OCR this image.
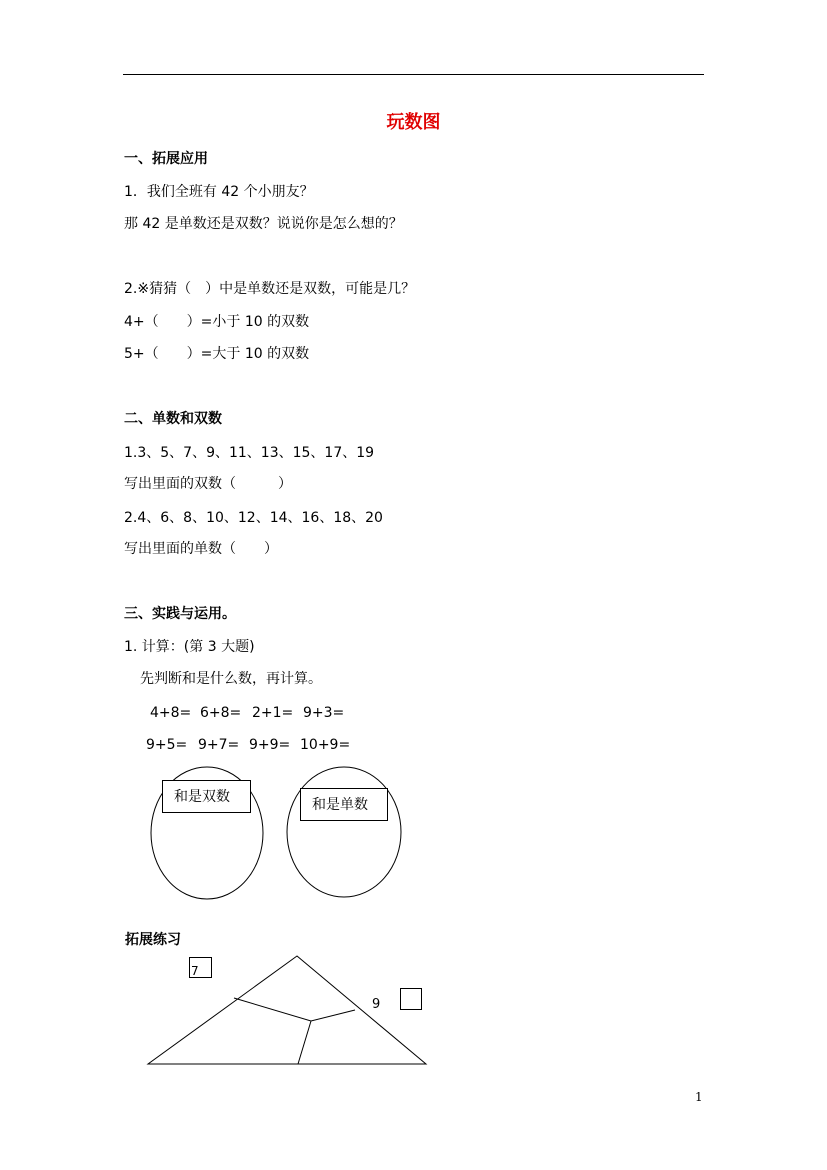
玩数图
一、拓展应用
1．我们全班有 42 个小朋友？
那 42 是单数还是双数？说说你是怎么想的？
2.※猜猜（　）中是单数还是双数，可能是几？
4+（　　）=小于 10 的双数
5+（　　）=大于 10 的双数
二、单数和双数
1.3、5、7、9、11、13、15、17、19
写出里面的双数（　　　）
2.4、6、8、10、12、14、16、18、20
写出里面的单数（　　）
三、实践与运用。
1. 计算：(第 3 大题)
先判断和是什么数，再计算。
4+8= 6+8= 2+1= 9+3=
9+5= 9+7= 9+9= 10+9=
和是双数	和是单数
拓展练习
7
9
1
